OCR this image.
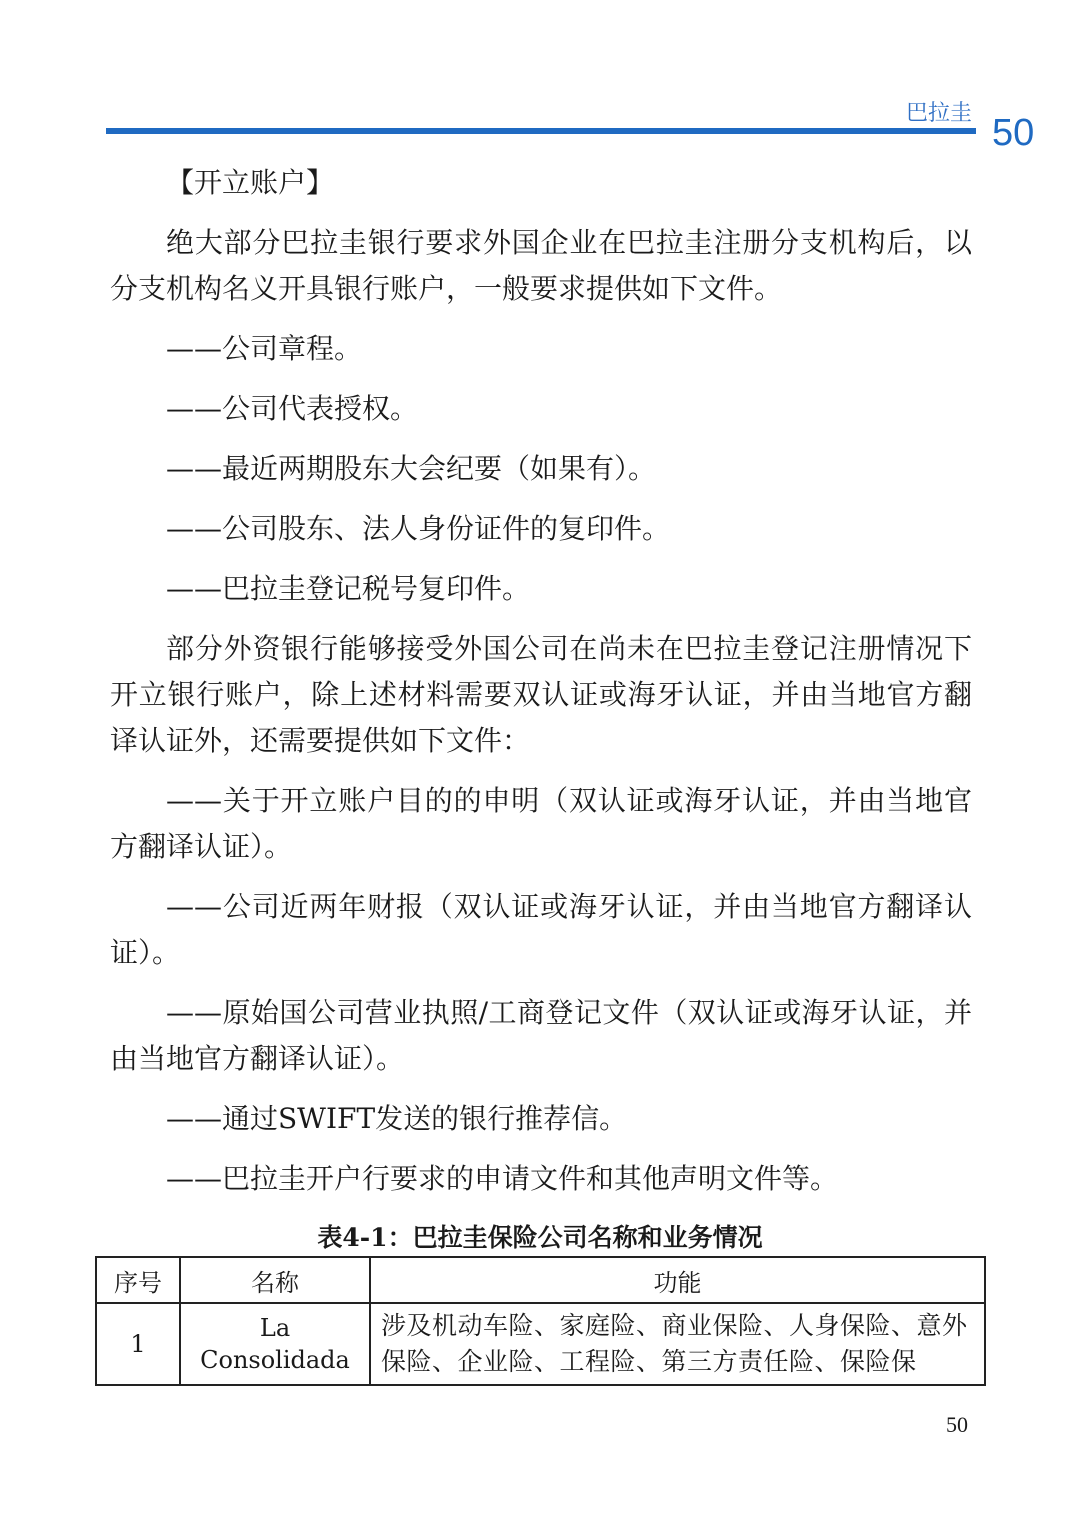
巴拉圭 50

【开立账户】

绝大部分巴拉圭银行要求外国企业在巴拉圭注册分支机构后，以分支机构名义开具银行账户，一般要求提供如下文件。

——公司章程。

——公司代表授权。

——最近两期股东大会纪要（如果有）。

——公司股东、法人身份证件的复印件。

——巴拉圭登记税号复印件。

部分外资银行能够接受外国公司在尚未在巴拉圭登记注册情况下开立银行账户，除上述材料需要双认证或海牙认证，并由当地官方翻译认证外，还需要提供如下文件：

——关于开立账户目的的申明（双认证或海牙认证，并由当地官方翻译认证）。

——公司近两年财报（双认证或海牙认证，并由当地官方翻译认证）。

——原始国公司营业执照/工商登记文件（双认证或海牙认证，并由当地官方翻译认证）。

——通过SWIFT发送的银行推荐信。

——巴拉圭开户行要求的申请文件和其他声明文件等。

表4-1：巴拉圭保险公司名称和业务情况
序号	名称	功能
1	La Consolidada	涉及机动车险、家庭险、商业保险、人身保险、意外保险、企业险、工程险、第三方责任险、保险保
50
